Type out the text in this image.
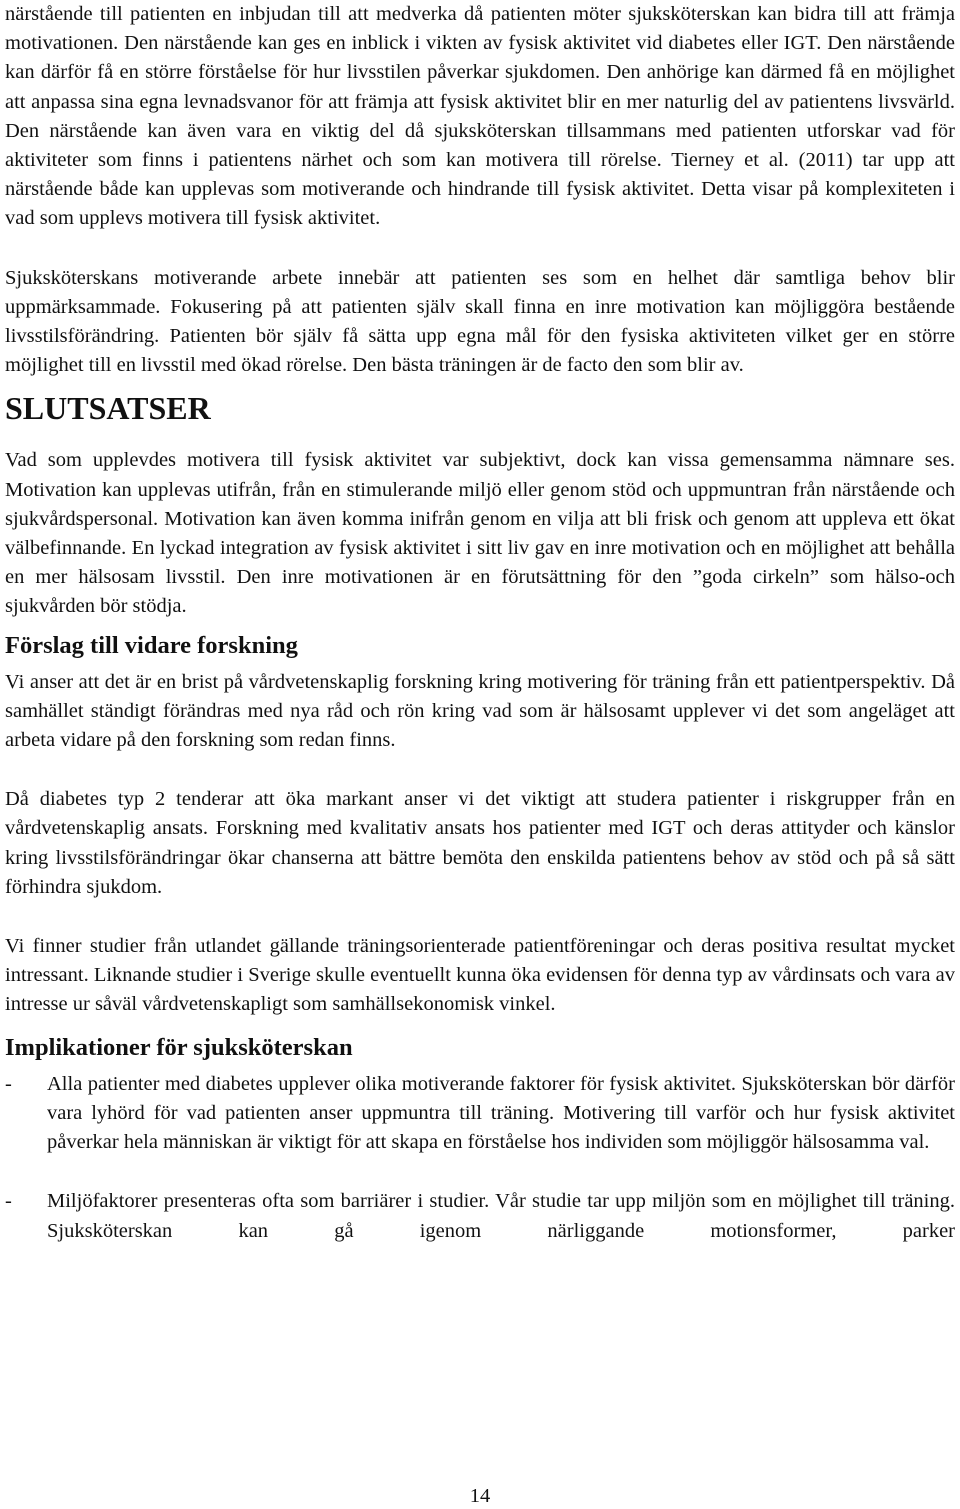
närstående till patienten en inbjudan till att medverka då patienten möter sjuksköterskan kan bidra till att främja motivationen. Den närstående kan ges en inblick i vikten av fysisk aktivitet vid diabetes eller IGT. Den närstående kan därför få en större förståelse för hur livsstilen påverkar sjukdomen. Den anhörige kan därmed få en möjlighet att anpassa sina egna levnadsvanor för att främja att fysisk aktivitet blir en mer naturlig del av patientens livsvärld. Den närstående kan även vara en viktig del då sjuksköterskan tillsammans med patienten utforskar vad för aktiviteter som finns i patientens närhet och som kan motivera till rörelse. Tierney et al. (2011) tar upp att närstående både kan upplevas som motiverande och hindrande till fysisk aktivitet. Detta visar på komplexiteten i vad som upplevs motivera till fysisk aktivitet.

Sjuksköterskans motiverande arbete innebär att patienten ses som en helhet där samtliga behov blir uppmärksammade. Fokusering på att patienten själv skall finna en inre motivation kan möjliggöra bestående livsstilsförändring. Patienten bör själv få sätta upp egna mål för den fysiska aktiviteten vilket ger en större möjlighet till en livsstil med ökad rörelse. Den bästa träningen är de facto den som blir av.

SLUTSATSER

Vad som upplevdes motivera till fysisk aktivitet var subjektivt, dock kan vissa gemensamma nämnare ses. Motivation kan upplevas utifrån, från en stimulerande miljö eller genom stöd och uppmuntran från närstående och sjukvårdspersonal. Motivation kan även komma inifrån genom en vilja att bli frisk och genom att uppleva ett ökat välbefinnande. En lyckad integration av fysisk aktivitet i sitt liv gav en inre motivation och en möjlighet att behålla en mer hälsosam livsstil. Den inre motivationen är en förutsättning för den ”goda cirkeln” som hälso-och sjukvården bör stödja.

Förslag till vidare forskning

Vi anser att det är en brist på vårdvetenskaplig forskning kring motivering för träning från ett patientperspektiv. Då samhället ständigt förändras med nya råd och rön kring vad som är hälsosamt upplever vi det som angeläget att arbeta vidare på den forskning som redan finns.

Då diabetes typ 2 tenderar att öka markant anser vi det viktigt att studera patienter i riskgrupper från en vårdvetenskaplig ansats. Forskning med kvalitativ ansats hos patienter med IGT och deras attityder och känslor kring livsstilsförändringar ökar chanserna att bättre bemöta den enskilda patientens behov av stöd och på så sätt förhindra sjukdom.

Vi finner studier från utlandet gällande träningsorienterade patientföreningar och deras positiva resultat mycket intressant. Liknande studier i Sverige skulle eventuellt kunna öka evidensen för denna typ av vårdinsats och vara av intresse ur såväl vårdvetenskapligt som samhällsekonomisk vinkel.

Implikationer för sjuksköterskan
- Alla patienter med diabetes upplever olika motiverande faktorer för fysisk aktivitet. Sjuksköterskan bör därför vara lyhörd för vad patienten anser uppmuntra till träning. Motivering till varför och hur fysisk aktivitet påverkar hela människan är viktigt för att skapa en förståelse hos individen som möjliggör hälsosamma val.

- Miljöfaktorer presenteras ofta som barriärer i studier. Vår studie tar upp miljön som en möjlighet till träning. Sjuksköterskan kan gå igenom närliggande motionsformer, parker

14
